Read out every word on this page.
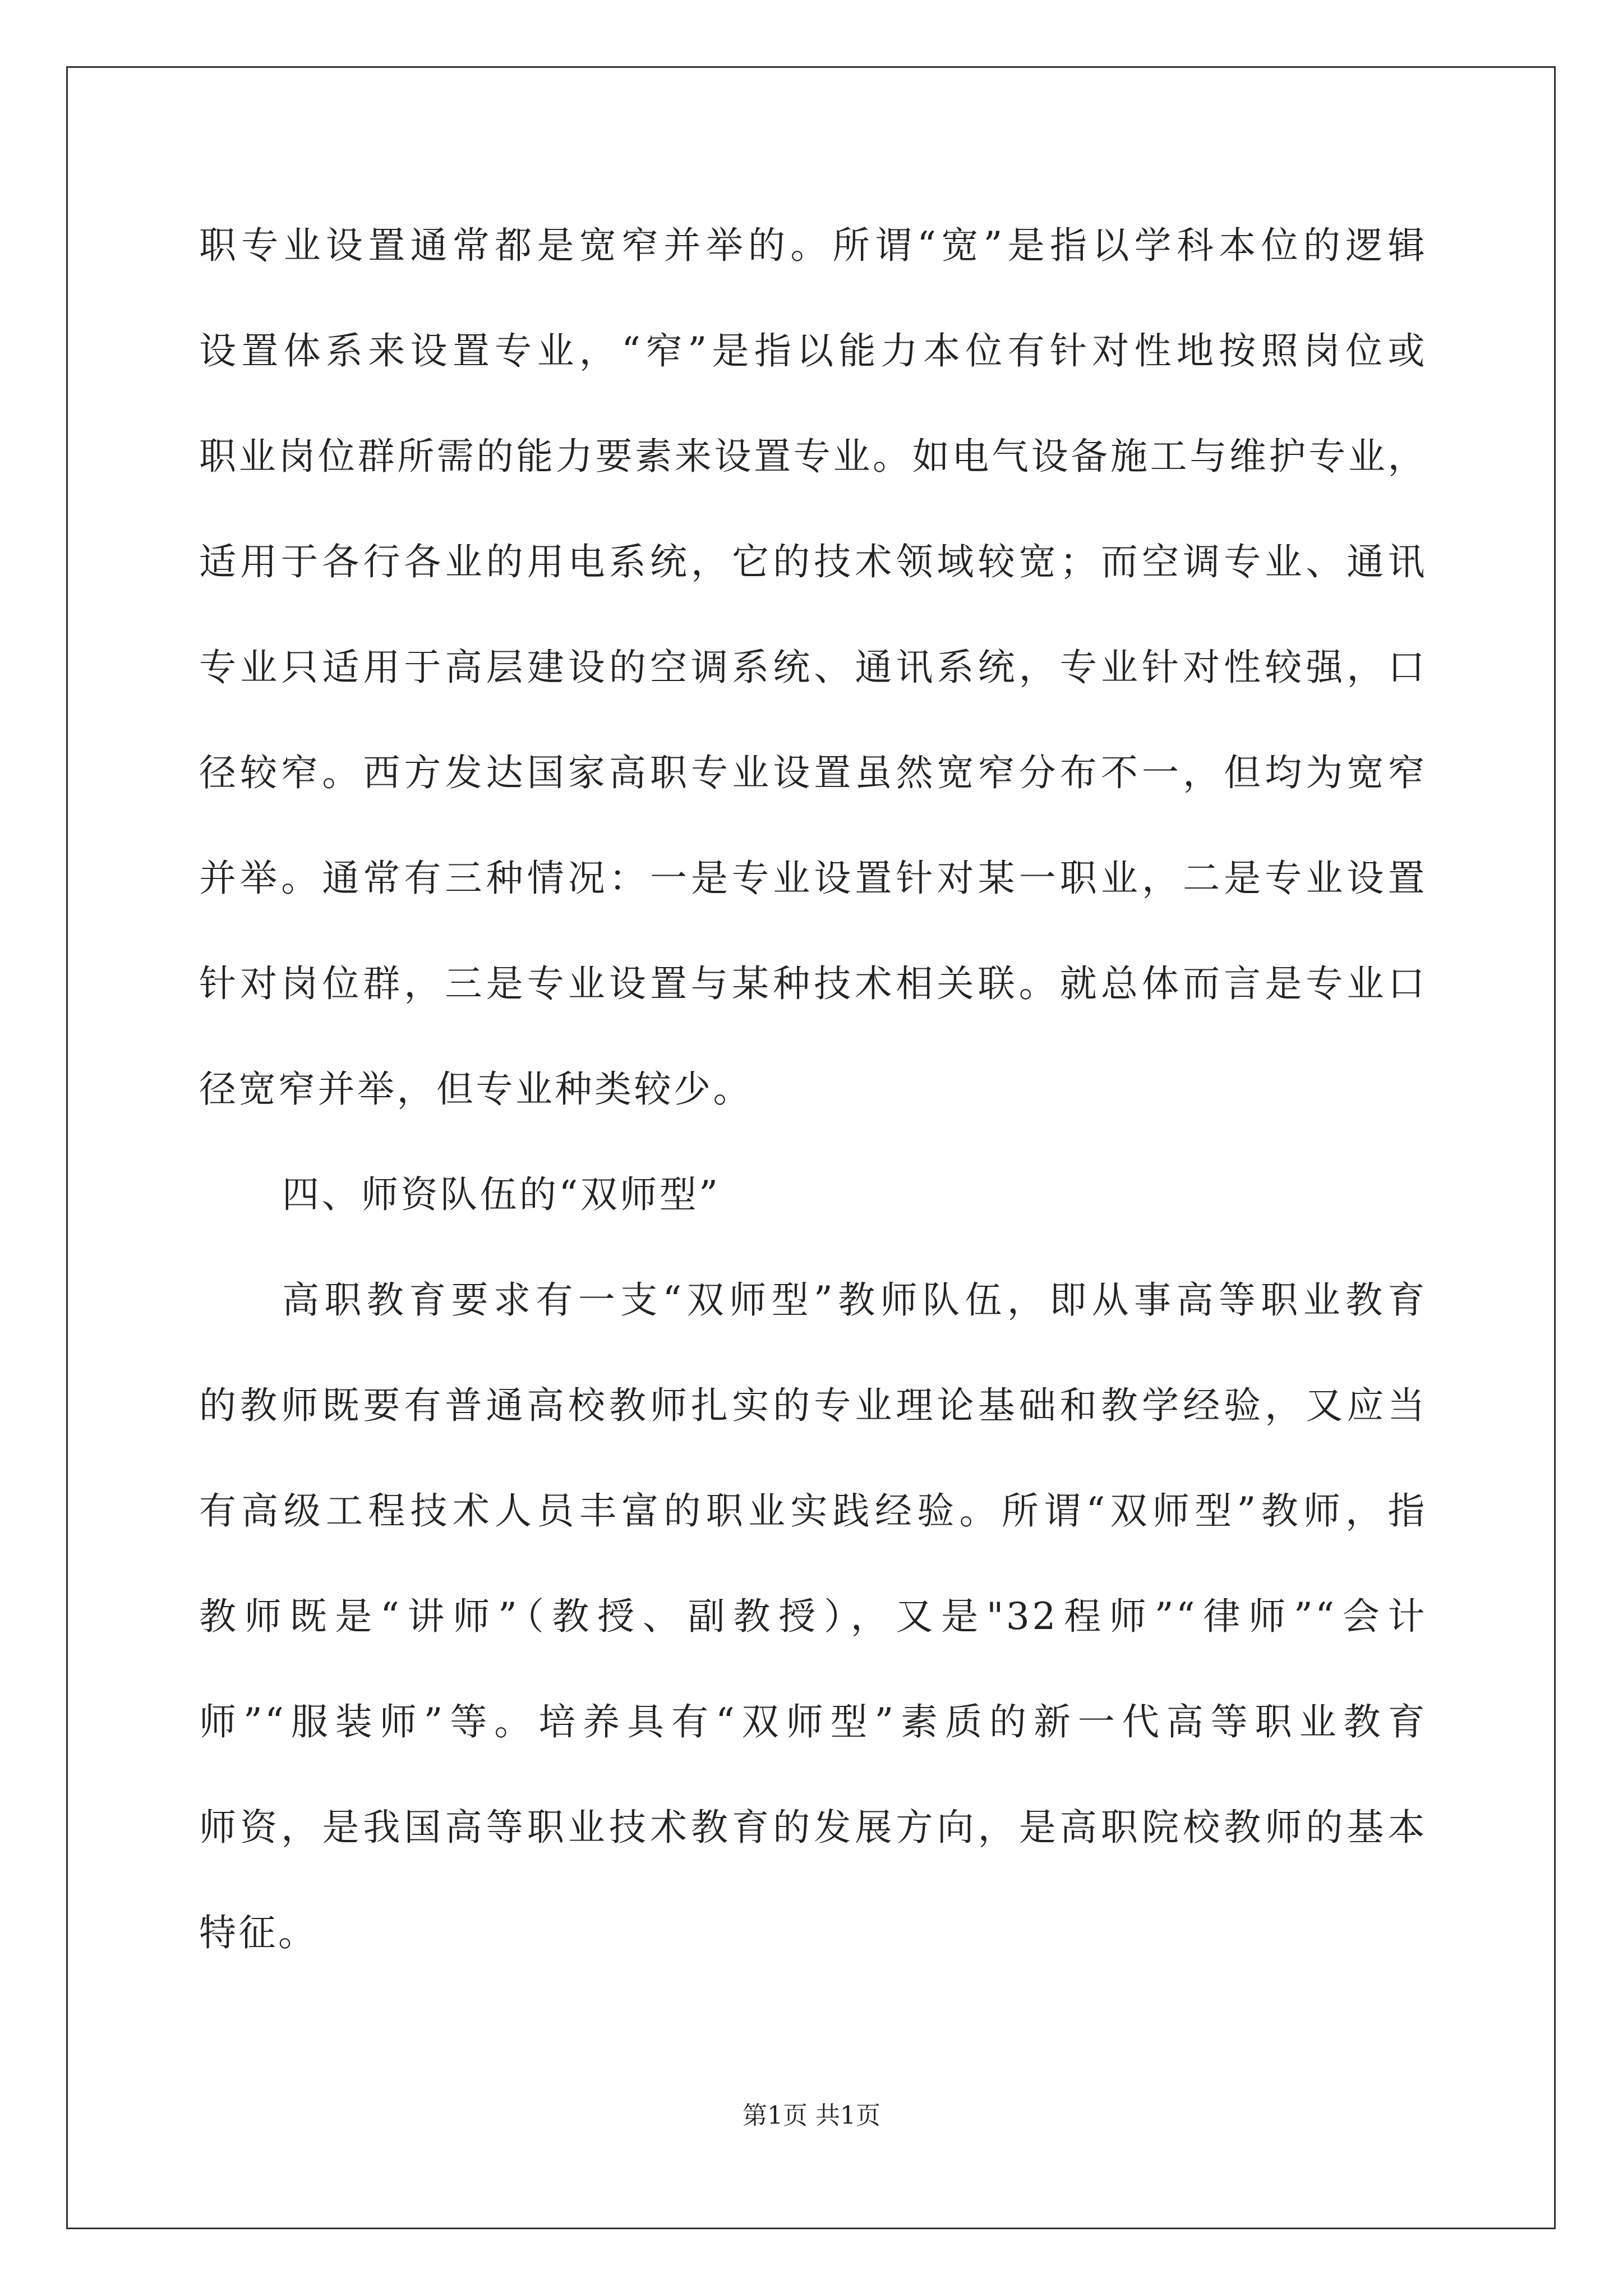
职专业设置通常都是宽窄并举的。所谓“宽”是指以学科本位的逻辑

设置体系来设置专业，“窄”是指以能力本位有针对性地按照岗位或

职业岗位群所需的能力要素来设置专业。如电气设备施工与维护专业，

适用于各行各业的用电系统，它的技术领域较宽；而空调专业、通讯

专业只适用于高层建设的空调系统、通讯系统，专业针对性较强，口

径较窄。西方发达国家高职专业设置虽然宽窄分布不一，但均为宽窄

并举。通常有三种情况：一是专业设置针对某一职业，二是专业设置

针对岗位群，三是专业设置与某种技术相关联。就总体而言是专业口

径宽窄并举，但专业种类较少。

四、师资队伍的“双师型”

高职教育要求有一支“双师型”教师队伍，即从事高等职业教育

的教师既要有普通高校教师扎实的专业理论基础和教学经验，又应当

有高级工程技术人员丰富的职业实践经验。所谓“双师型”教师，指

教师既是“讲师”（教授、副教授），又是"32程师”“律师”“会计

师”“服装师”等。培养具有“双师型”素质的新一代高等职业教育

师资，是我国高等职业技术教育的发展方向，是高职院校教师的基本

特征。

第1页 共1页
